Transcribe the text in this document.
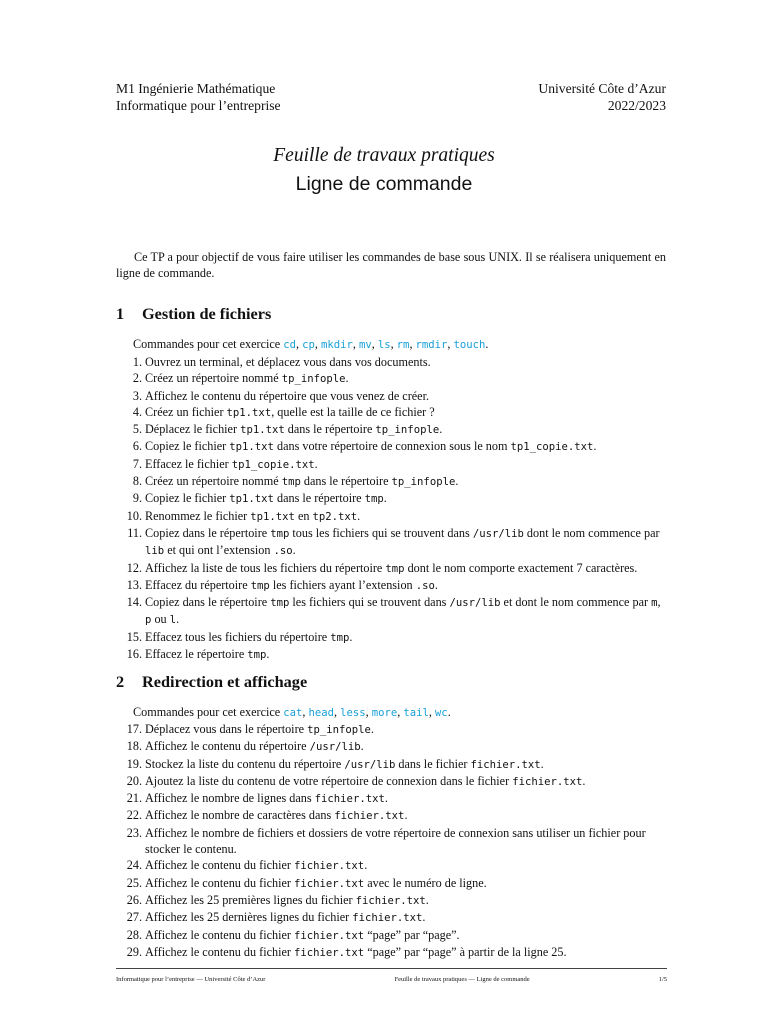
M1 Ingénierie Mathématique	Université Côte d’Azur
Informatique pour l’entreprise	2022/2023
Feuille de travaux pratiques
Ligne de commande

Ce TP a pour objectif de vous faire utiliser les commandes de base sous UNIX. Il se réalisera uniquement en ligne de commande.

1	Gestion de fichiers
Commandes pour cet exercice cd, cp, mkdir, mv, ls, rm, rmdir, touch.
1. Ouvrez un terminal, et déplacez vous dans vos documents.
2. Créez un répertoire nommé tp_infople.
3. Affichez le contenu du répertoire que vous venez de créer.
4. Créez un fichier tp1.txt, quelle est la taille de ce fichier ?
5. Déplacez le fichier tp1.txt dans le répertoire tp_infople.
6. Copiez le fichier tp1.txt dans votre répertoire de connexion sous le nom tp1_copie.txt.
7. Effacez le fichier tp1_copie.txt.
8. Créez un répertoire nommé tmp dans le répertoire tp_infople.
9. Copiez le fichier tp1.txt dans le répertoire tmp.
10. Renommez le fichier tp1.txt en tp2.txt.
11. Copiez dans le répertoire tmp tous les fichiers qui se trouvent dans /usr/lib dont le nom commence par lib et qui ont l’extension .so.
12. Affichez la liste de tous les fichiers du répertoire tmp dont le nom comporte exactement 7 caractères.
13. Effacez du répertoire tmp les fichiers ayant l’extension .so.
14. Copiez dans le répertoire tmp les fichiers qui se trouvent dans /usr/lib et dont le nom commence par m, p ou l.
15. Effacez tous les fichiers du répertoire tmp.
16. Effacez le répertoire tmp.
2	Redirection et affichage
Commandes pour cet exercice cat, head, less, more, tail, wc.
17. Déplacez vous dans le répertoire tp_infople.
18. Affichez le contenu du répertoire /usr/lib.
19. Stockez la liste du contenu du répertoire /usr/lib dans le fichier fichier.txt.
20. Ajoutez la liste du contenu de votre répertoire de connexion dans le fichier fichier.txt.
21. Affichez le nombre de lignes dans fichier.txt.
22. Affichez le nombre de caractères dans fichier.txt.
23. Affichez le nombre de fichiers et dossiers de votre répertoire de connexion sans utiliser un fichier pour stocker le contenu.
24. Affichez le contenu du fichier fichier.txt.
25. Affichez le contenu du fichier fichier.txt avec le numéro de ligne.
26. Affichez les 25 premières lignes du fichier fichier.txt.
27. Affichez les 25 dernières lignes du fichier fichier.txt.
28. Affichez le contenu du fichier fichier.txt “page” par “page”.
29. Affichez le contenu du fichier fichier.txt “page” par “page” à partir de la ligne 25.
Informatique pour l’entreprise — Université Côte d’Azur	Feuille de travaux pratiques — Ligne de commande	1/5
